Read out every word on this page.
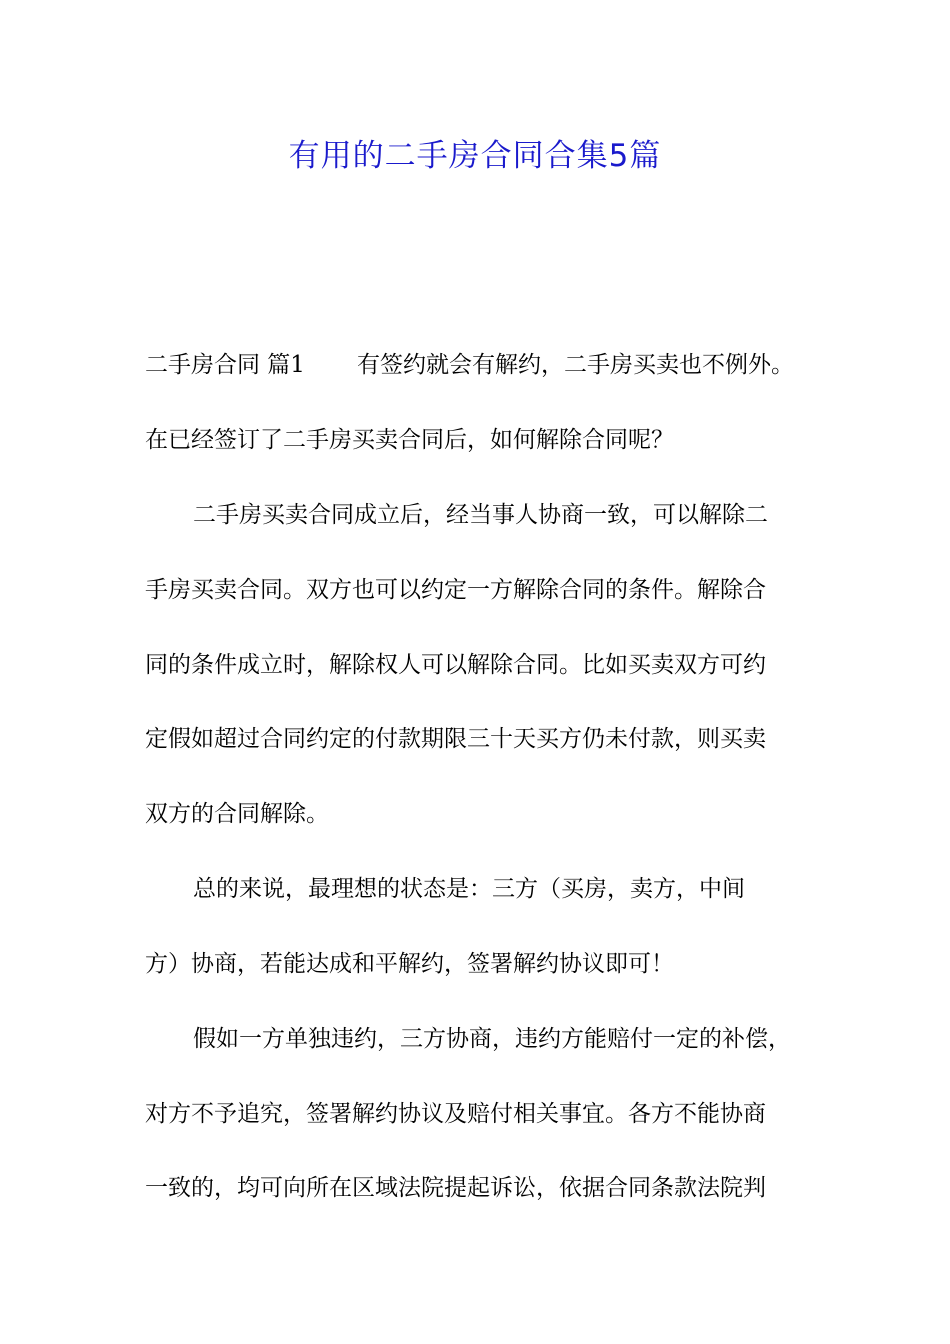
有用的二手房合同合集5篇
二手房合同 篇1 有签约就会有解约，二手房买卖也不例外。
在已经签订了二手房买卖合同后，如何解除合同呢？
二手房买卖合同成立后，经当事人协商一致，可以解除二
手房买卖合同。双方也可以约定一方解除合同的条件。解除合
同的条件成立时，解除权人可以解除合同。比如买卖双方可约
定假如超过合同约定的付款期限三十天买方仍未付款，则买卖
双方的合同解除。
总的来说，最理想的状态是：三方（买房，卖方，中间
方）协商，若能达成和平解约，签署解约协议即可！
假如一方单独违约，三方协商，违约方能赔付一定的补偿，
对方不予追究，签署解约协议及赔付相关事宜。各方不能协商
一致的，均可向所在区域法院提起诉讼，依据合同条款法院判
